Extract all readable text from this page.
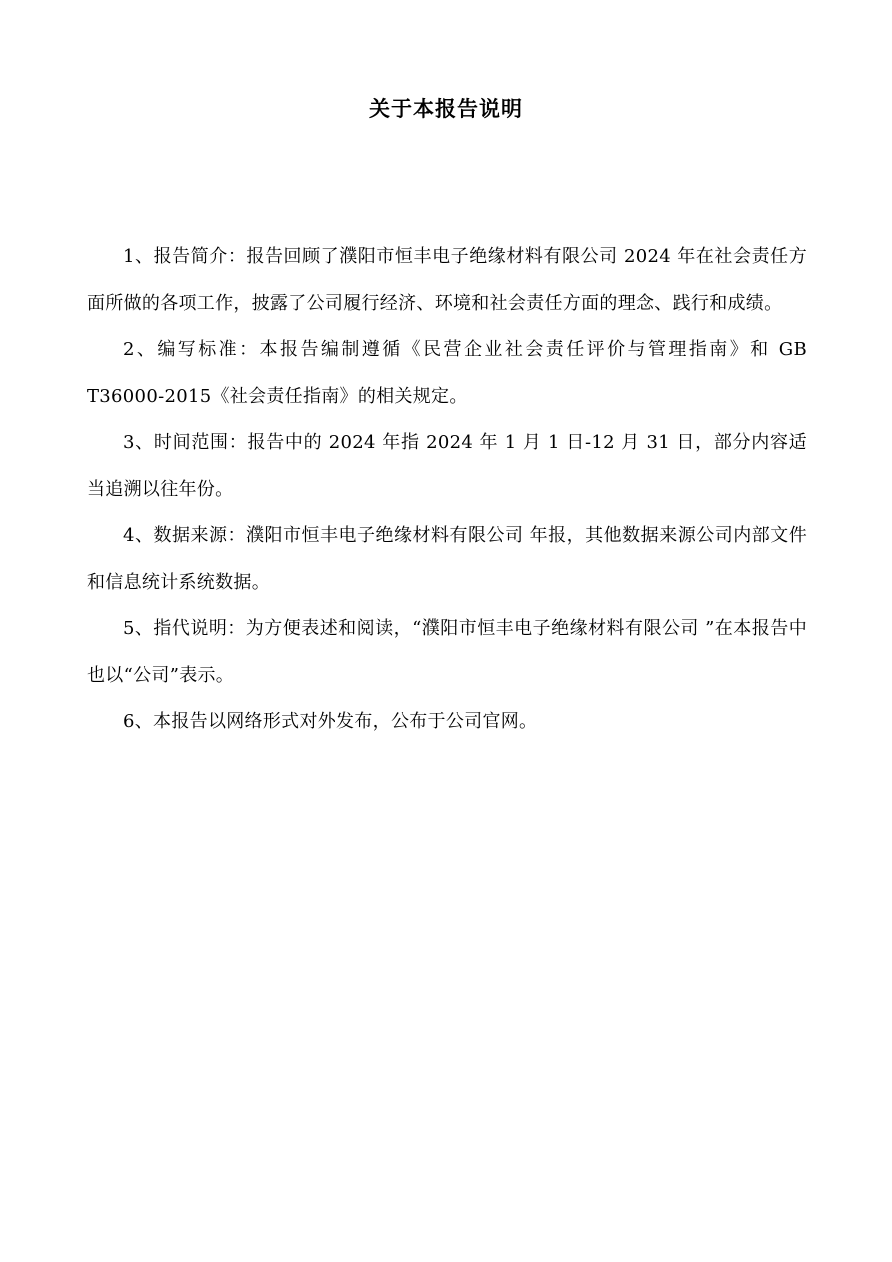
关于本报告说明

1、报告简介：报告回顾了濮阳市恒丰电子绝缘材料有限公司 2024 年在社会责任方面所做的各项工作，披露了公司履行经济、环境和社会责任方面的理念、践行和成绩。

2、编写标准：本报告编制遵循《民营企业社会责任评价与管理指南》和 GB T36000-2015《社会责任指南》的相关规定。

3、时间范围：报告中的 2024 年指 2024 年 1 月 1 日-12 月 31 日，部分内容适当追溯以往年份。

4、数据来源：濮阳市恒丰电子绝缘材料有限公司 年报，其他数据来源公司内部文件和信息统计系统数据。

5、指代说明：为方便表述和阅读，“濮阳市恒丰电子绝缘材料有限公司 ”在本报告中也以“公司”表示。

6、本报告以网络形式对外发布，公布于公司官网。
